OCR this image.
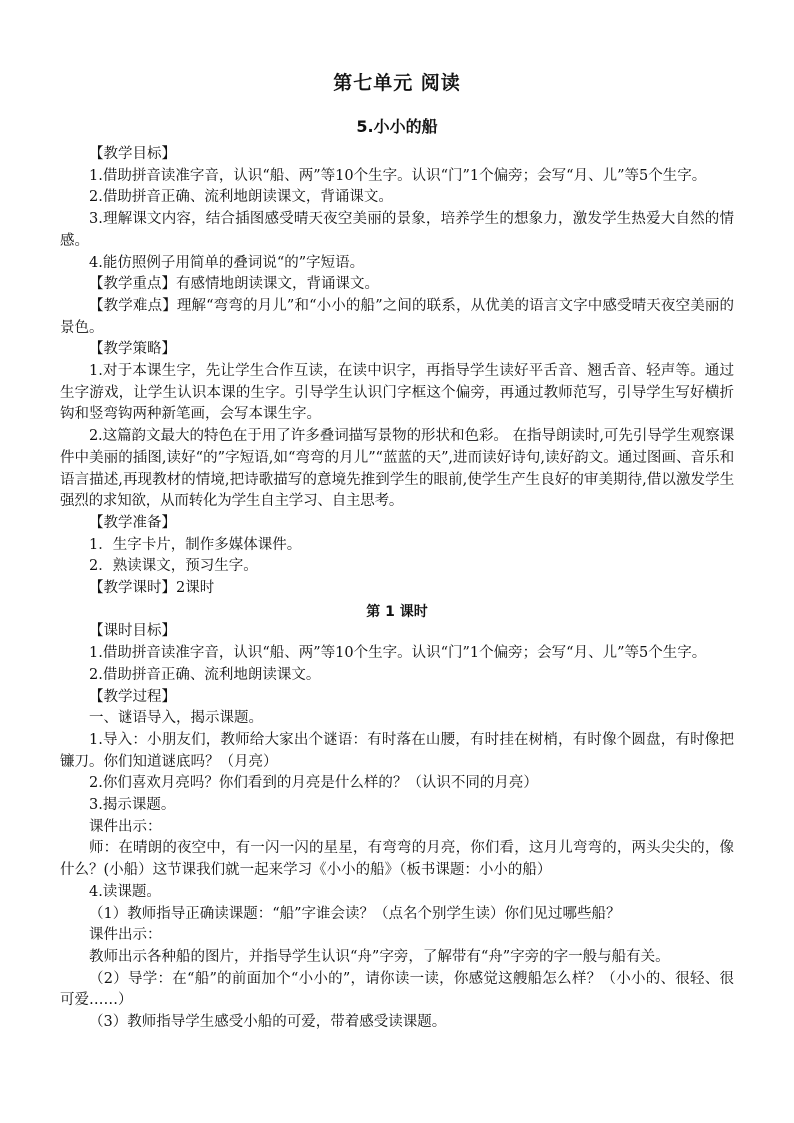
第七单元 阅读
5.小小的船

【教学目标】

1.借助拼音读准字音，认识“船、两”等10个生字。认识“门”1个偏旁；会写“月、儿”等5个生字。

2.借助拼音正确、流利地朗读课文，背诵课文。

3.理解课文内容，结合插图感受晴天夜空美丽的景象，培养学生的想象力，激发学生热爱大自然的情感。

4.能仿照例子用简单的叠词说“的”字短语。

【教学重点】有感情地朗读课文，背诵课文。

【教学难点】理解“弯弯的月儿”和“小小的船”之间的联系，从优美的语言文字中感受晴天夜空美丽的景色。

【教学策略】

1.对于本课生字，先让学生合作互读，在读中识字，再指导学生读好平舌音、翘舌音、轻声等。通过生字游戏，让学生认识本课的生字。引导学生认识门字框这个偏旁，再通过教师范写，引导学生写好横折钩和竖弯钩两种新笔画，会写本课生字。

2.这篇韵文最大的特色在于用了许多叠词描写景物的形状和色彩。 在指导朗读时,可先引导学生观察课件中美丽的插图,读好“的”字短语,如“弯弯的月儿”“蓝蓝的天”,进而读好诗句,读好韵文。通过图画、音乐和语言描述,再现教材的情境,把诗歌描写的意境先推到学生的眼前,使学生产生良好的审美期待,借以激发学生强烈的求知欲，从而转化为学生自主学习、自主思考。

【教学准备】

1．生字卡片，制作多媒体课件。

2．熟读课文，预习生字。

【教学课时】2课时

【课时目标】

1.借助拼音读准字音，认识“船、两”等10个生字。认识“门”1个偏旁；会写“月、儿”等5个生字。

2.借助拼音正确、流利地朗读课文。

【教学过程】

一、谜语导入，揭示课题。

1.导入：小朋友们，教师给大家出个谜语：有时落在山腰，有时挂在树梢，有时像个圆盘，有时像把镰刀。你们知道谜底吗？（月亮）

2.你们喜欢月亮吗？你们看到的月亮是什么样的？（认识不同的月亮）

3.揭示课题。

课件出示：

师：在晴朗的夜空中，有一闪一闪的星星，有弯弯的月亮，你们看，这月儿弯弯的，两头尖尖的，像什么？(小船）这节课我们就一起来学习《小小的船》（板书课题：小小的船）

4.读课题。

（1）教师指导正确读课题：“船”字谁会读？（点名个别学生读）你们见过哪些船？

课件出示：

教师出示各种船的图片，并指导学生认识“舟”字旁，了解带有“舟”字旁的字一般与船有关。

（2）导学：在“船”的前面加个“小小的”，请你读一读，你感觉这艘船怎么样？（小小的、很轻、很可爱……）

（3）教师指导学生感受小船的可爱，带着感受读课题。

第 1 课时
